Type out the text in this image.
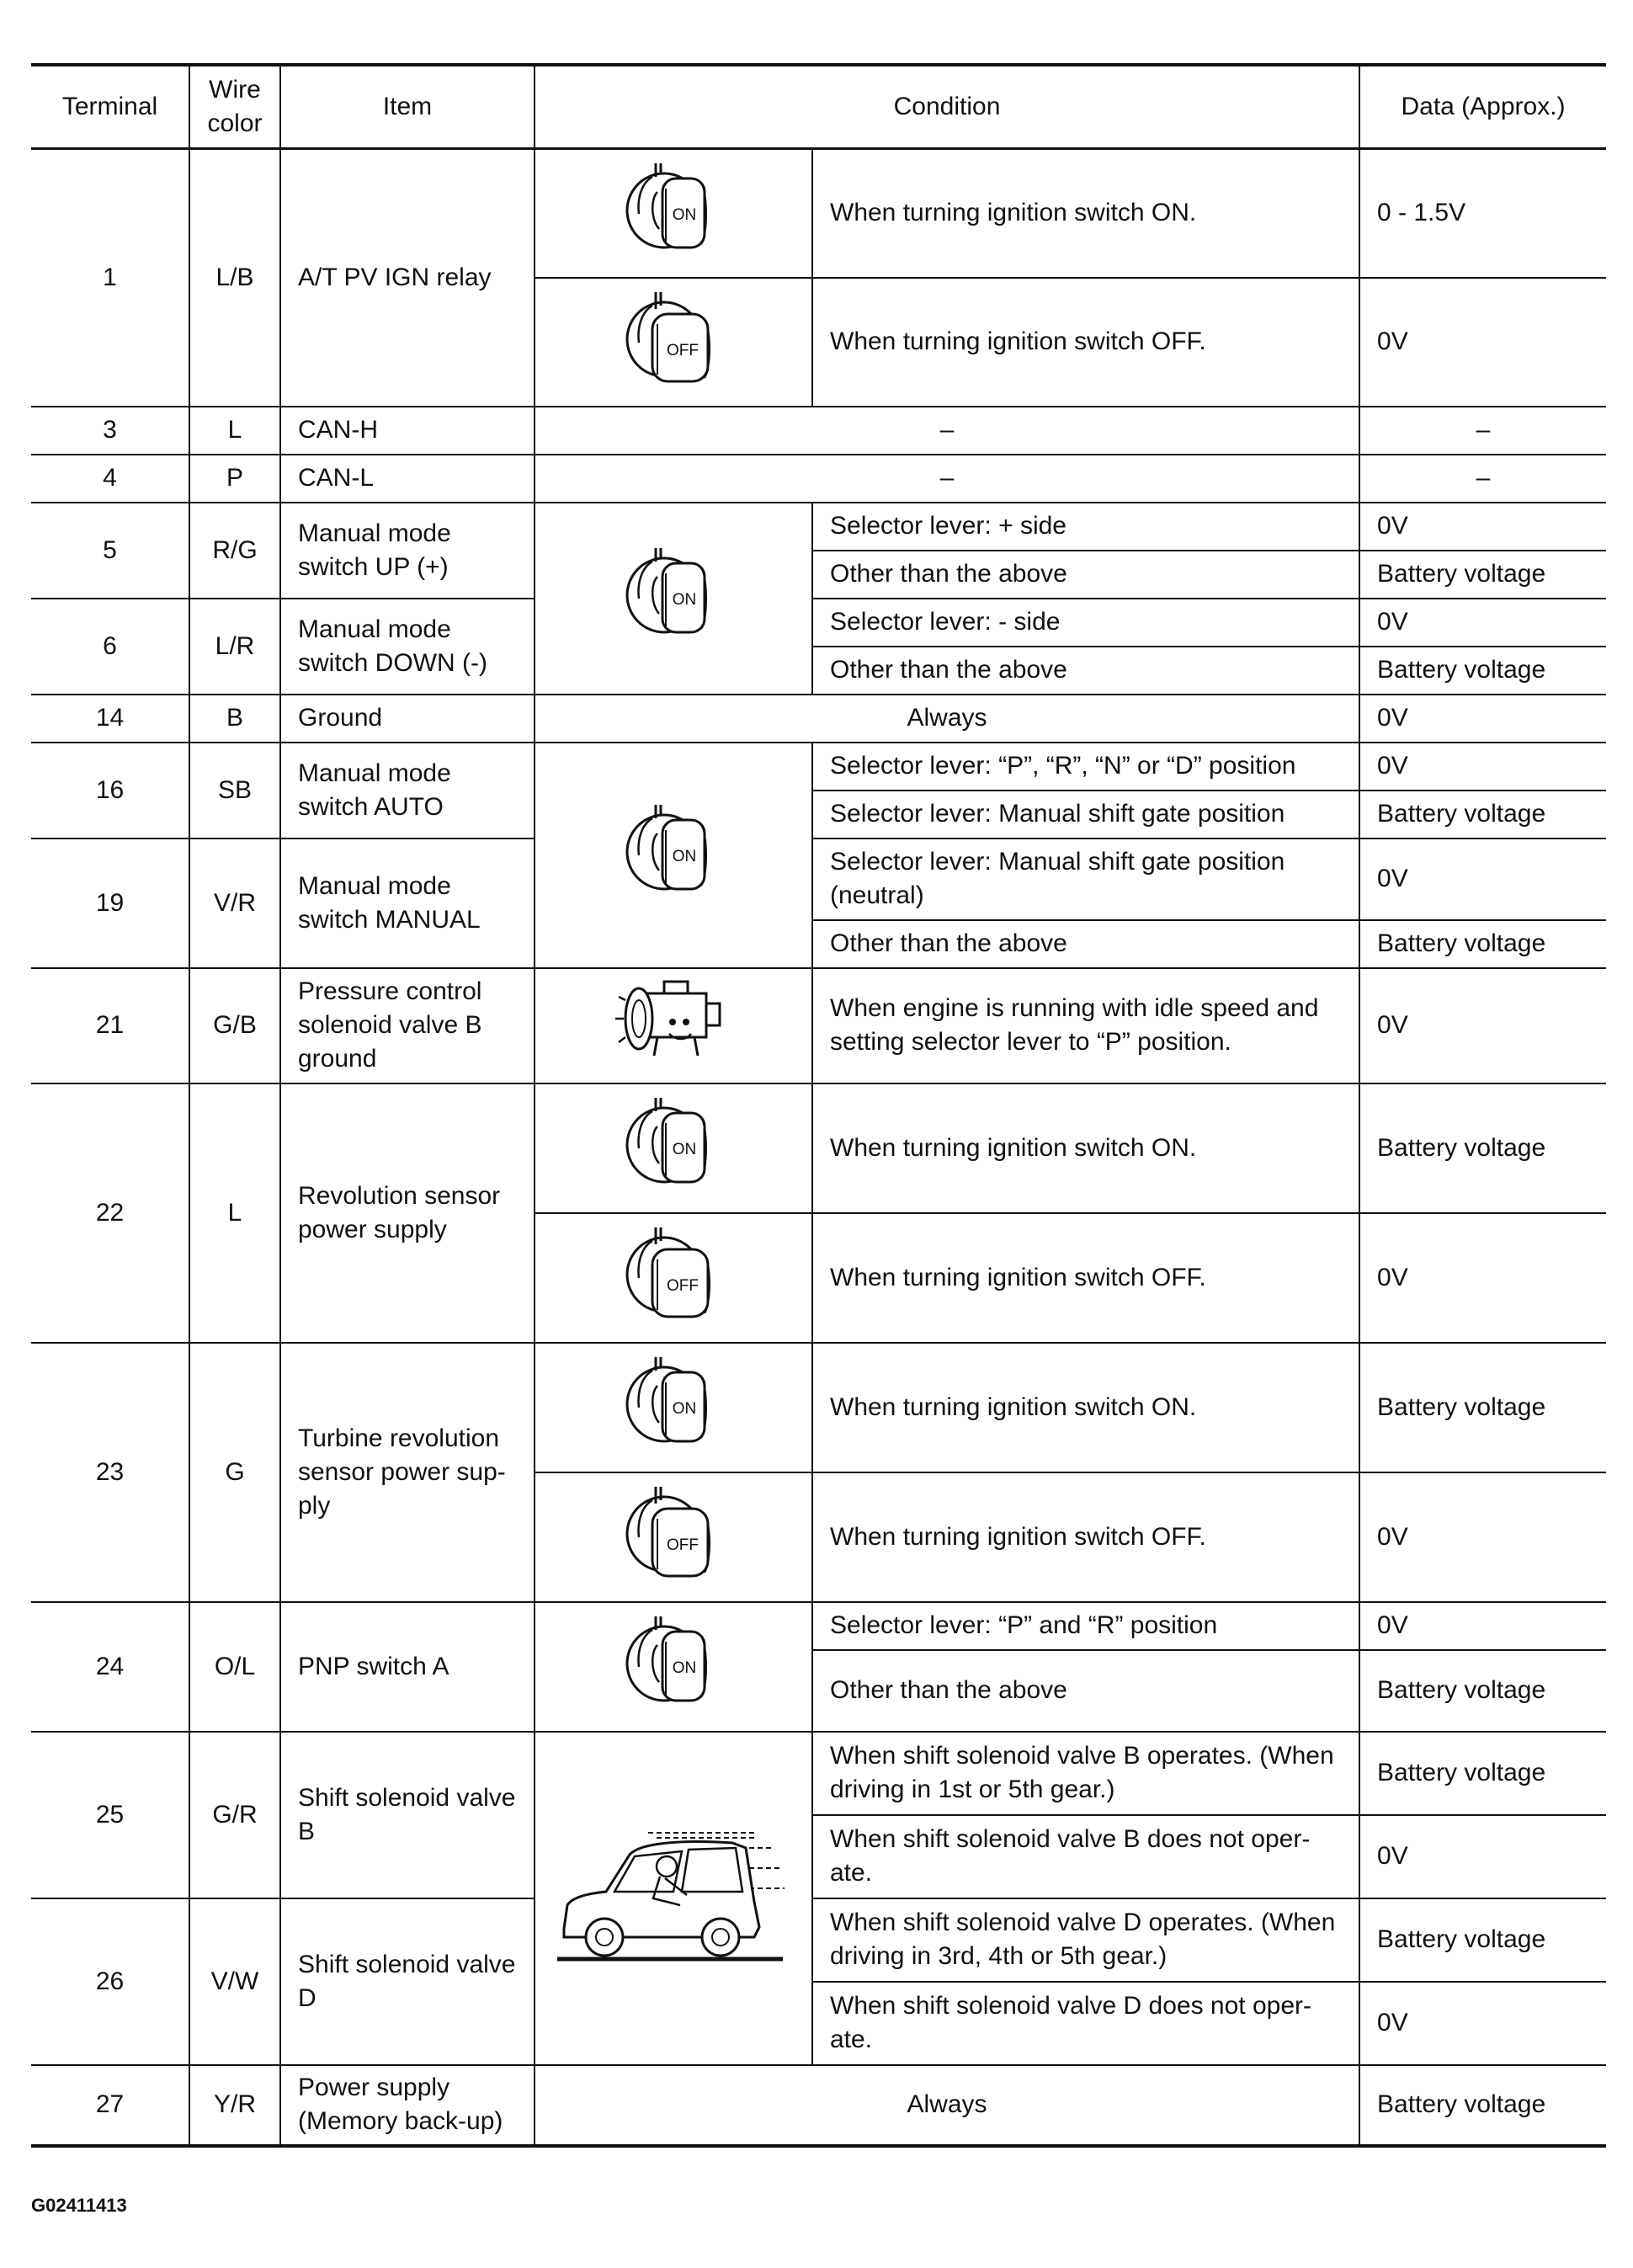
Terminal	Wire color	Item	Condition		Data (Approx.)
1	L/B	A/T PV IGN relay		When turning ignition switch ON.	0 - 1.5V
	When turning ignition switch OFF.	0V
3	L	CAN-H	–		–
4	P	CAN-L	–		–
5	R/G	Manual mode switch UP (+)		Selector lever: + side	0V
				Other than the above	Battery voltage
6	L/R	Manual mode switch DOWN (-)		Selector lever: - side	0V
				Other than the above	Battery voltage
14	B	Ground	Always		0V
16	SB	Manual mode switch AUTO		Selector lever: “P”, “R”, “N” or “D” position	0V
				Selector lever: Manual shift gate position	Battery voltage
19	V/R	Manual mode switch MANUAL		Selector lever: Manual shift gate position (neutral)	0V
				Other than the above	Battery voltage
21	G/B	Pressure control solenoid valve B ground		When engine is running with idle speed and setting selector lever to “P” position.	0V
22	L	Revolution sensor power supply		When turning ignition switch ON.	Battery voltage
	When turning ignition switch OFF.	0V
23	G	Turbine revolution sensor power sup-ply		When turning ignition switch ON.	Battery voltage
	When turning ignition switch OFF.	0V
24	O/L	PNP switch A		Selector lever: “P” and “R” position	0V
				Other than the above	Battery voltage
25	G/R	Shift solenoid valve B		When shift solenoid valve B operates. (When driving in 1st or 5th gear.)	Battery voltage
				When shift solenoid valve B does not oper-ate.	0V
26	V/W	Shift solenoid valve D		When shift solenoid valve D operates. (When driving in 3rd, 4th or 5th gear.)	Battery voltage
				When shift solenoid valve D does not oper-ate.	0V
27	Y/R	Power supply (Memory back-up)	Always		Battery voltage
G02411413
